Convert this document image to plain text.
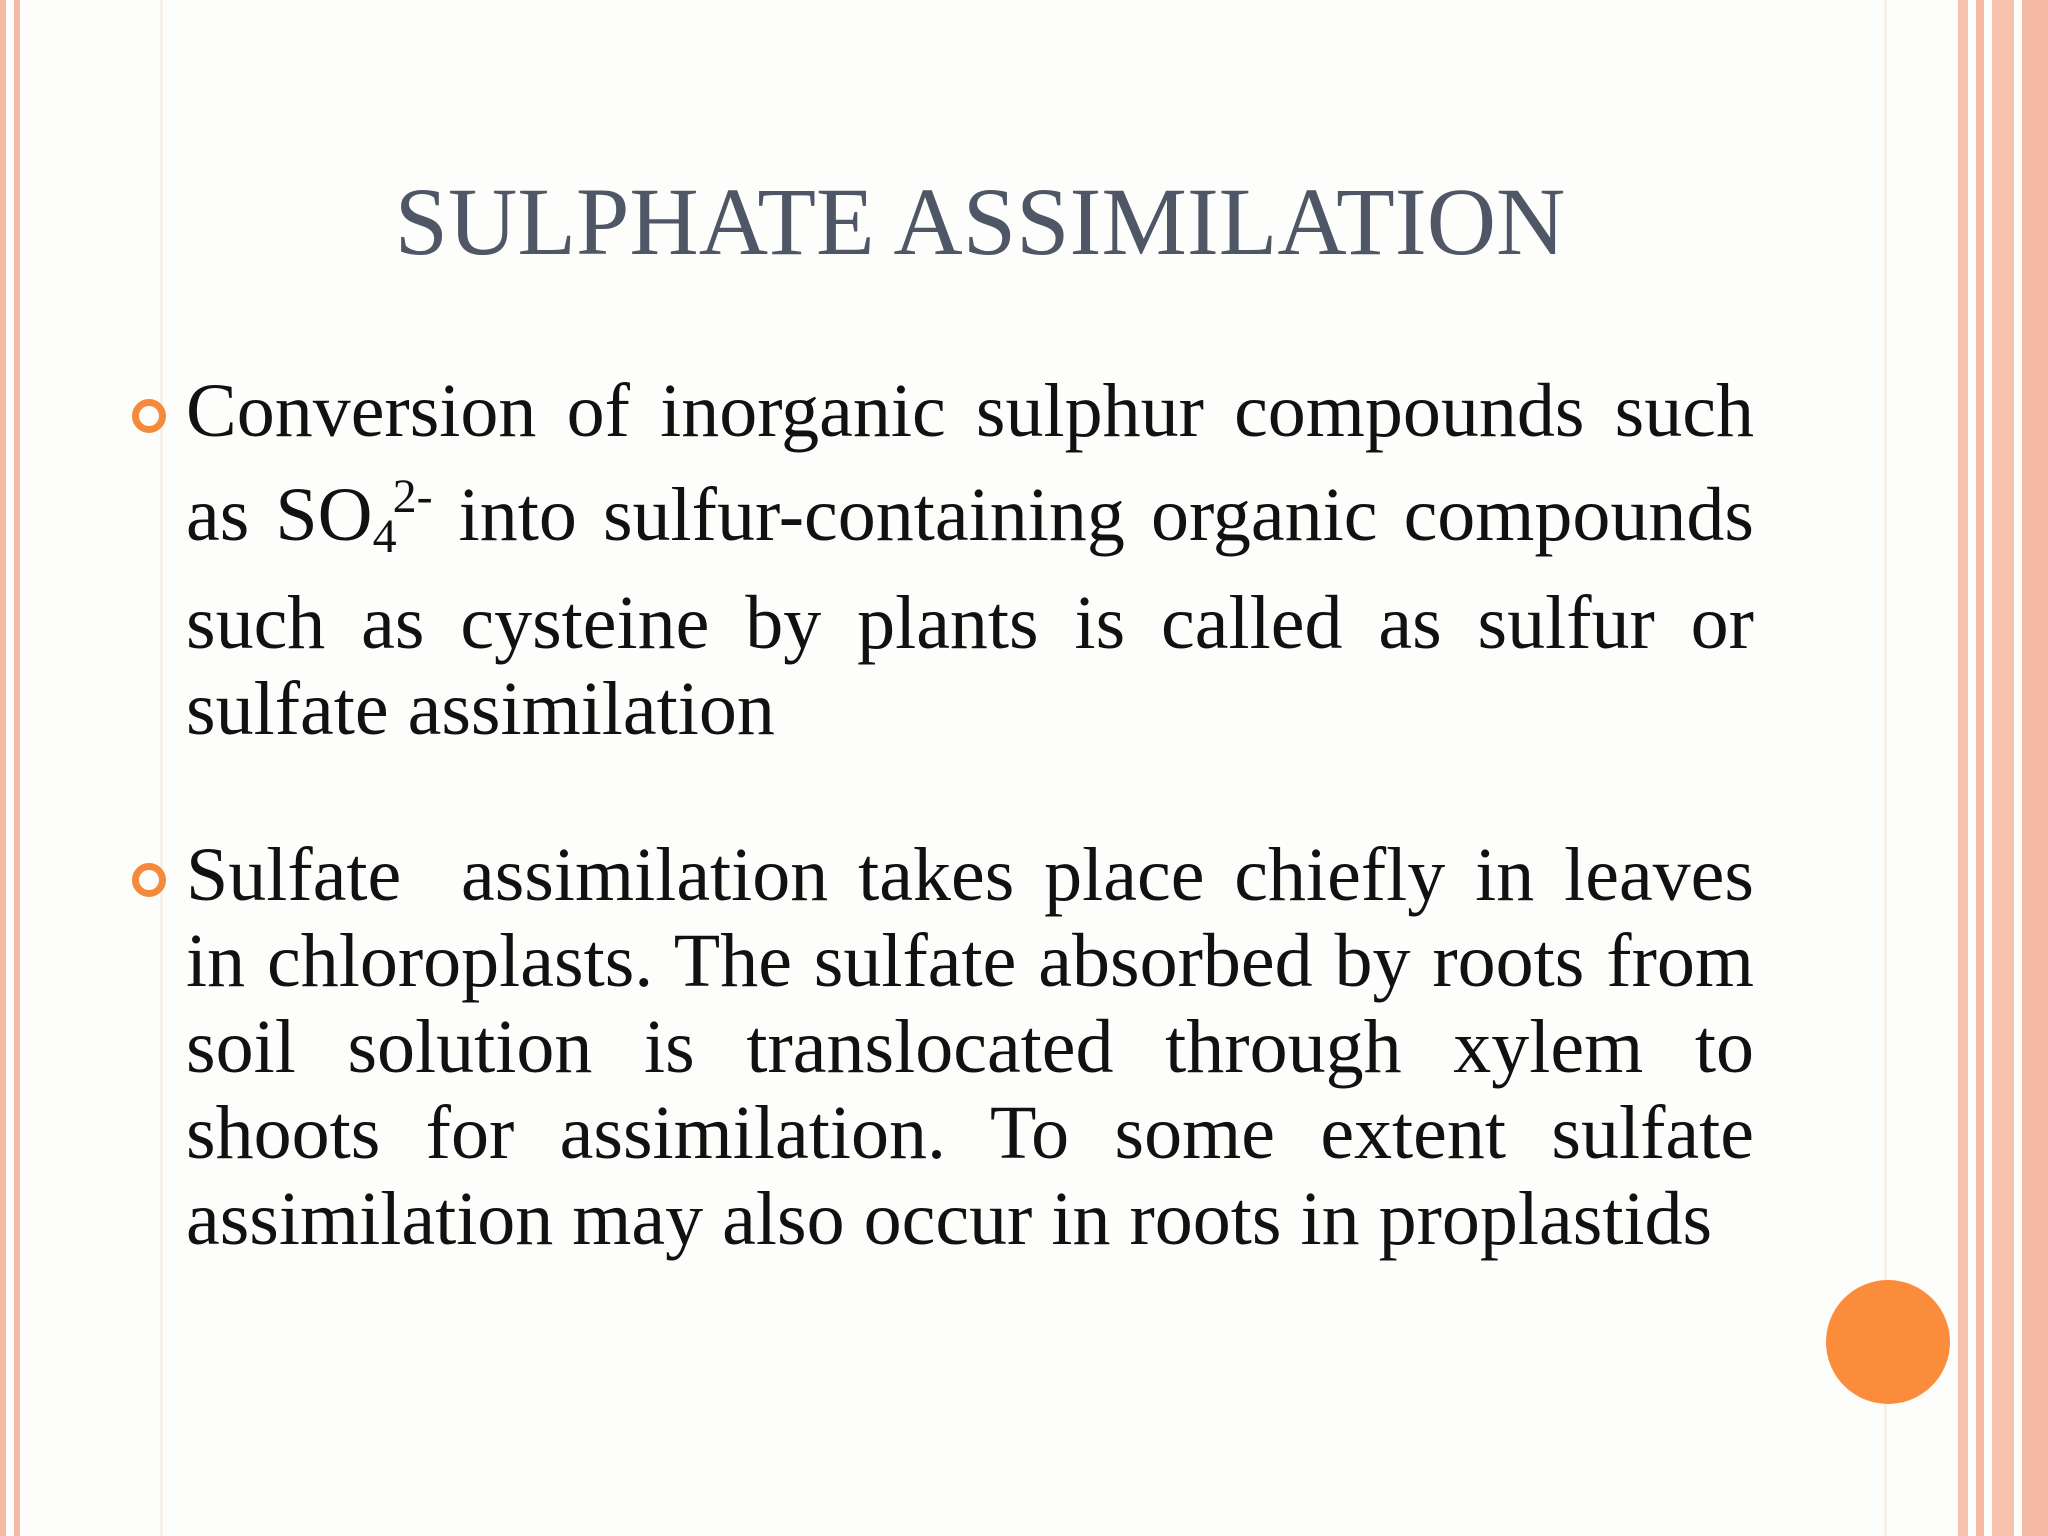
SULPHATE ASSIMILATION
Conversion of inorganic sulphur compounds such as $SO_4^{2-}$ into sulfur-containing organic compounds such as cysteine by plants is called as sulfur or sulfate assimilation
Sulfate  assimilation takes place chiefly in leaves in chloroplasts. The sulfate absorbed by roots from soil solution is translocated through xylem to shoots for assimilation. To some extent sulfate assimilation may also occur in roots in proplastids
